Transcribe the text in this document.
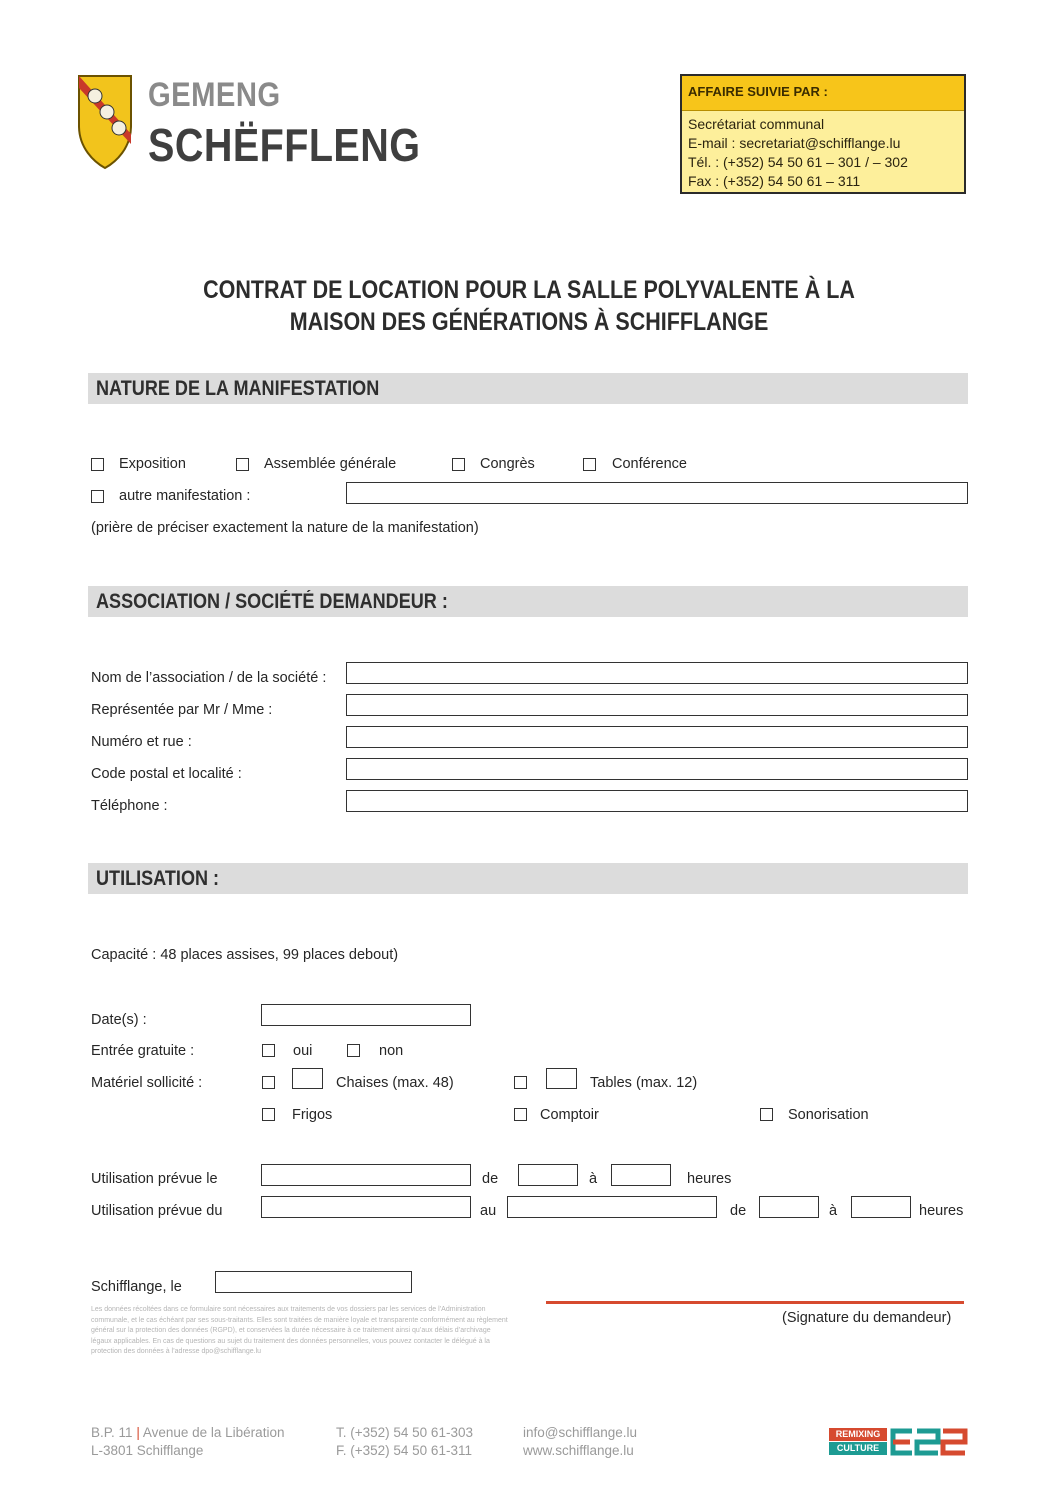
GEMENG
SCHËFFLENG
AFFAIRE SUIVIE PAR :
Secrétariat communal
E-mail : secretariat@schifflange.lu
Tél. : (+352) 54 50 61 – 301 / – 302
Fax : (+352) 54 50 61 – 311
CONTRAT DE LOCATION POUR LA SALLE POLYVALENTE À LA
MAISON DES GÉNÉRATIONS À SCHIFFLANGE
NATURE DE LA MANIFESTATION
Exposition	Assemblée générale	Congrès	Conférence
autre manifestation :
(prière de préciser exactement la nature de la manifestation)
ASSOCIATION / SOCIÉTÉ DEMANDEUR :
Nom de l’association / de la société :
Représentée par Mr / Mme :
Numéro et rue :
Code postal et localité :
Téléphone :
UTILISATION :
Capacité : 48 places assises, 99 places debout)
Date(s) :
Entrée gratuite :	oui	non
Matériel sollicité :	Chaises (max. 48)	Tables (max. 12)
Frigos	Comptoir	Sonorisation
Utilisation prévue le	de	à	heures
Utilisation prévue du	au	de	à	heures
Schifflange, le
(Signature du demandeur)
Les données récoltées dans ce formulaire sont nécessaires aux traitements de vos dossiers par les services de l’Administration communale, et le cas échéant par ses sous-traitants. Elles sont traitées de manière loyale et transparente conformément au règlement général sur la protection des données (RGPD), et conservées la durée nécessaire à ce traitement ainsi qu’aux délais d’archivage légaux applicables. En cas de questions au sujet du traitement des données personnelles, vous pouvez contacter le délégué à la protection des données à l’adresse dpo@schifflange.lu
B.P. 11 | Avenue de la Libération
L-3801 Schifflange
T. (+352) 54 50 61-303
F. (+352) 54 50 61-311
info@schifflange.lu
www.schifflange.lu
REMIXING
CULTURE
